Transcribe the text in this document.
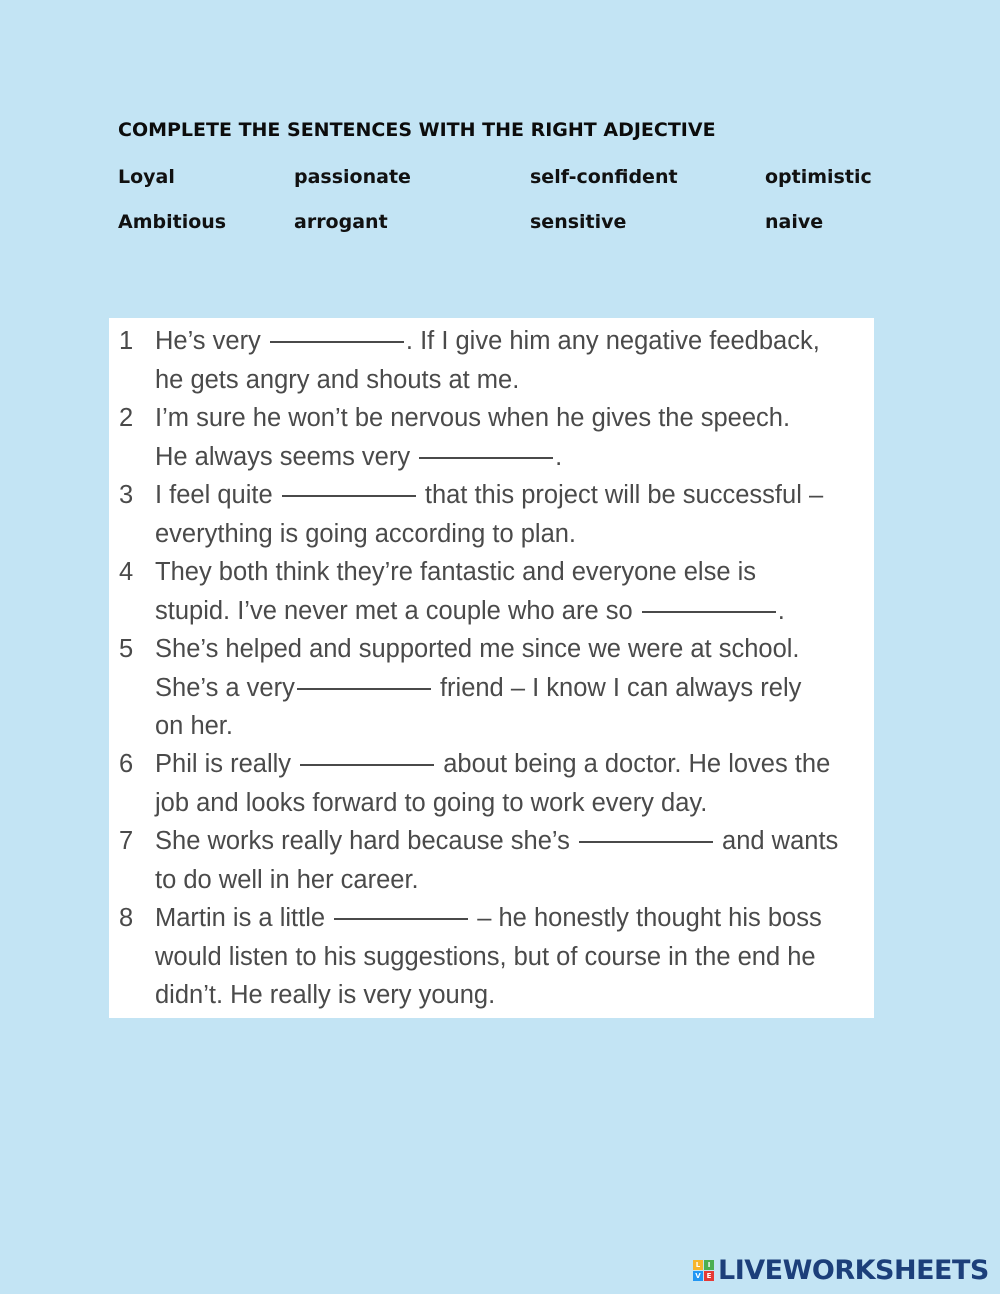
COMPLETE THE SENTENCES WITH THE RIGHT ADJECTIVE
Loyal	passionate	self-confident	optimistic
Ambitious	arrogant	sensitive	naive
1 He’s very	. If I give him any negative feedback,
he gets angry and shouts at me.
2 I’m sure he won’t be nervous when he gives the speech.
He always seems very	.
3 I feel quite	that this project will be successful –
everything is going according to plan.
4 They both think they’re fantastic and everyone else is
stupid. I’ve never met a couple who are so	.
5 She’s helped and supported me since we were at school.
She’s a very	friend – I know I can always rely
on her.
6 Phil is really	about being a doctor. He loves the
job and looks forward to going to work every day.
7 She works really hard because she’s	and wants
to do well in her career.
8 Martin is a little	– he honestly thought his boss
would listen to his suggestions, but of course in the end he
didn’t. He really is very young.
L	I
V E LIVEWORKSHEETS
